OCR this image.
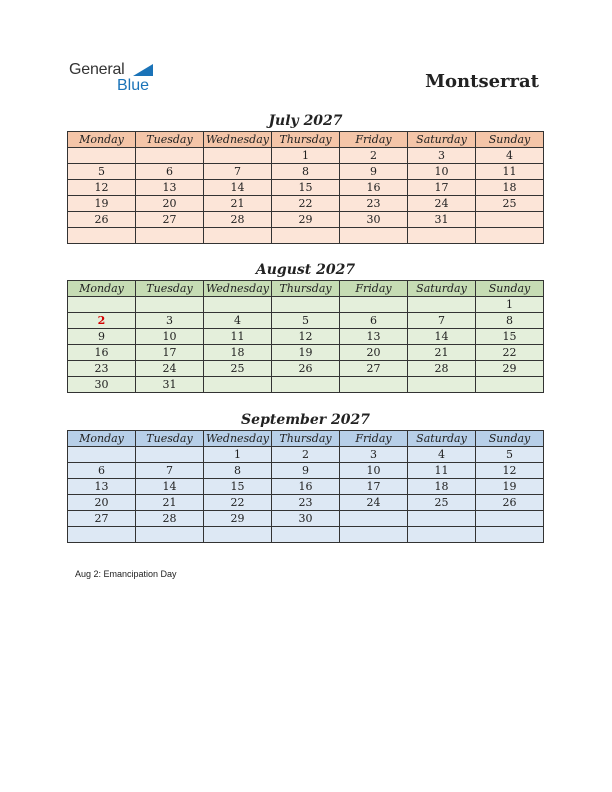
General
Blue	Montserrat
July 2027
Monday	Tuesday	Wednesday	Thursday	Friday	Saturday	Sunday
			1	2	3	4
5	6	7	8	9	10	11
12	13	14	15	16	17	18
19	20	21	22	23	24	25
26	27	28	29	30	31	

August 2027
Monday	Tuesday	Wednesday	Thursday	Friday	Saturday	Sunday
						1
2	3	4	5	6	7	8
9	10	11	12	13	14	15
16	17	18	19	20	21	22
23	24	25	26	27	28	29
30	31					
September 2027
Monday	Tuesday	Wednesday	Thursday	Friday	Saturday	Sunday
		1	2	3	4	5
6	7	8	9	10	11	12
13	14	15	16	17	18	19
20	21	22	23	24	25	26
27	28	29	30			

Aug 2: Emancipation Day
